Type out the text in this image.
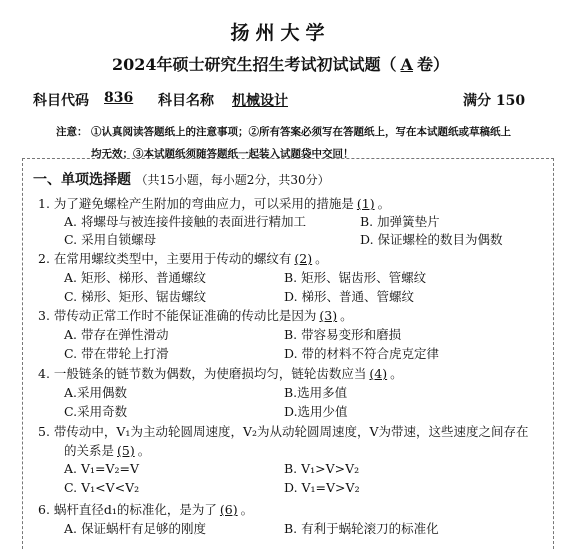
扬州大学
2024年硕士研究生招生考试初试试题（ A 卷）
科目代码 836 科目名称 机械设计	满分 150
注意： ①认真阅读答题纸上的注意事项；②所有答案必须写在答题纸上，写在本试题纸或草稿纸上
均无效；③本试题纸须随答题纸一起装入试题袋中交回！
一、单项选择题 （共15小题，每小题2分，共30分）
1. 为了避免螺栓产生附加的弯曲应力，可以采用的措施是 (1) 。
A. 将螺母与被连接件接触的表面进行精加工	B. 加弹簧垫片
C. 采用自锁螺母	D. 保证螺栓的数目为偶数
2. 在常用螺纹类型中，主要用于传动的螺纹有 (2) 。
A. 矩形、梯形、普通螺纹	B. 矩形、锯齿形、管螺纹
C. 梯形、矩形、锯齿螺纹	D. 梯形、普通、管螺纹
3. 带传动正常工作时不能保证准确的传动比是因为 (3) 。
A. 带存在弹性滑动	B. 带容易变形和磨损
C. 带在带轮上打滑	D. 带的材料不符合虎克定律
4. 一般链条的链节数为偶数，为使磨损均匀，链轮齿数应当 (4) 。
A.采用偶数	B.选用多值
C.采用奇数	D.选用少值
5. 带传动中，V₁为主动轮圆周速度，V₂为从动轮圆周速度，V为带速，这些速度之间存在
的关系是 (5) 。
A. V₁=V₂=V	B. V₁>V>V₂
C. V₁<V<V₂	D. V₁=V>V₂
6. 蜗杆直径d₁的标准化，是为了 (6) 。
A. 保证蜗杆有足够的刚度	B. 有利于蜗轮滚刀的标准化
